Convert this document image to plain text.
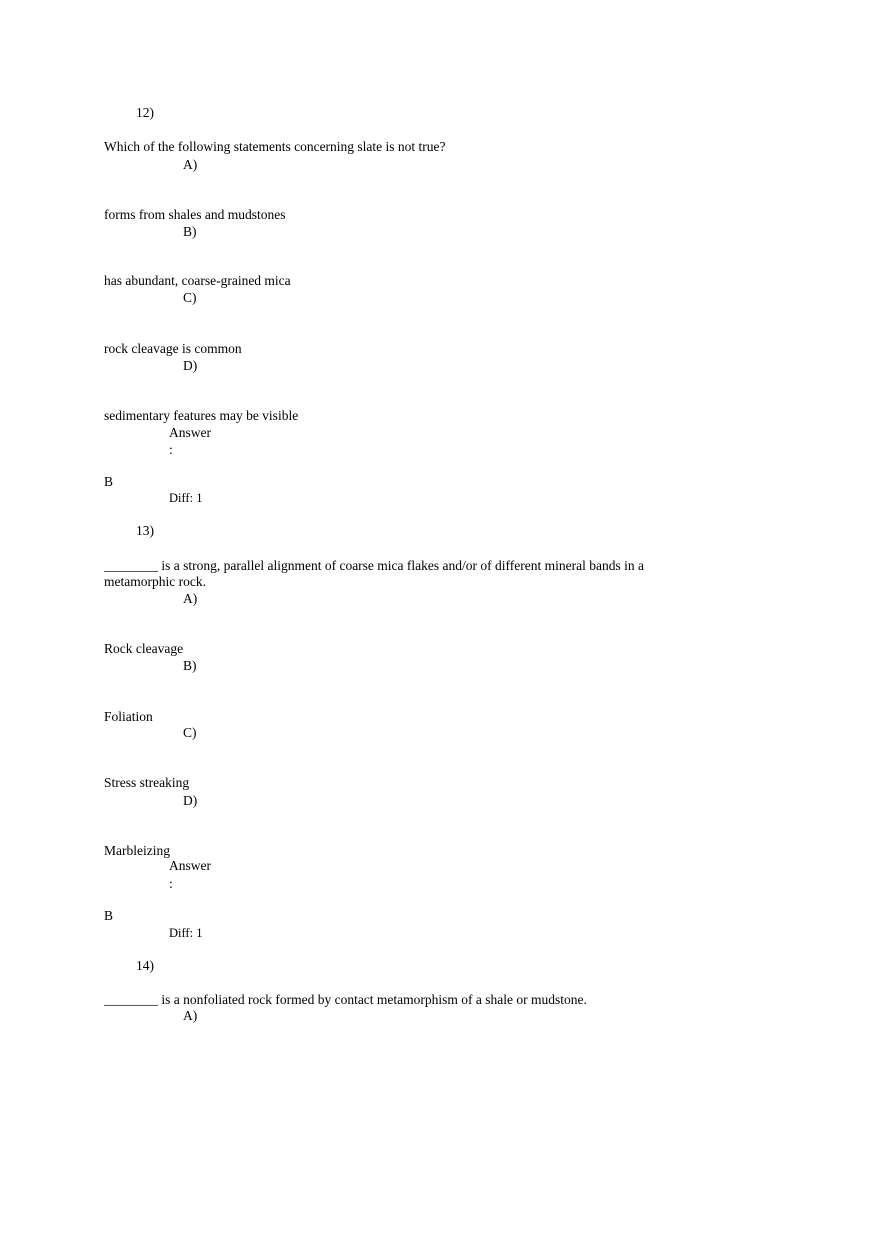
12)
Which of the following statements concerning slate is not true?
A)
forms from shales and mudstones
B)
has abundant, coarse-grained mica
C)
rock cleavage is common
D)
sedimentary features may be visible
Answer
:
B
Diff: 1
13)
________ is a strong, parallel alignment of coarse mica flakes and/or of different mineral bands in a metamorphic rock.
A)
Rock cleavage
B)
Foliation
C)
Stress streaking
D)
Marbleizing
Answer
:
B
Diff: 1
14)
________ is a nonfoliated rock formed by contact metamorphism of a shale or mudstone.
A)
